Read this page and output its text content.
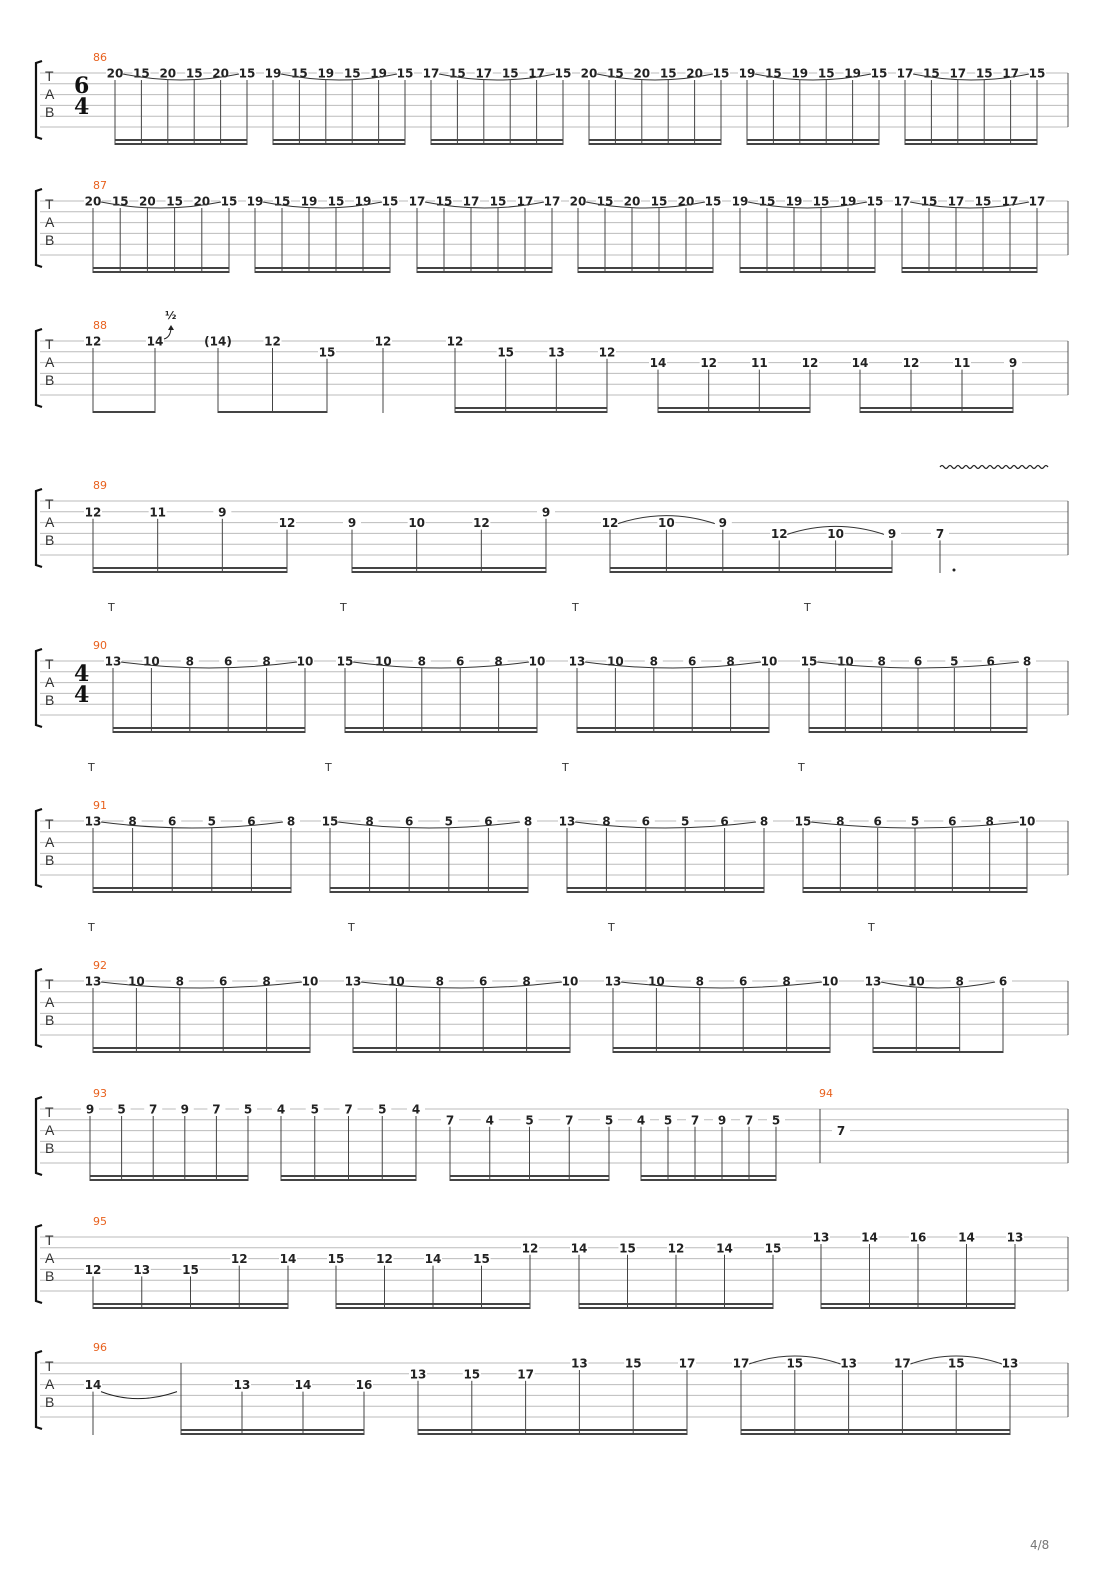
T
A
B
6
4
86
20 15 20 15 20 15 19 15 19 15 19 15 17 15 17 15 17 15 20 15 20 15 20 15 19 15 19 15 19 15 17 15 17 15 17 15
T
A
B
87
20 15 20 15 20 15 19 15 19 15 19 15 17 15 17 15 17 17 20 15 20 15 20 15 19 15 19 15 19 15 17 15 17 15 17 17
T
A
B
88
12	14
½
(14)	12
15
12	12
15	13	12
14	12	11	12	14	12	11	9
T
A
B
89
12	11	9
12	9	10	12
9
12	10	9
12	10	9	7
T
A
B
4
4
90
13 10 8	6	8 10
T
15 10 8	6	8 10
T
13 10 8	6	8 10
T
15 10 8 6 5 6 8
T
T
A
B
91
13 8	6	5	6	8
T
15 8	6	5	6	8
T
13 8	6	5	6	8
T
15 8 6 5 6 8 10
T
T
A
B
92
13 10	8	6	8	10
T
13 10	8	6	8	10
T
13 10	8	6	8	10
T
13 10	8	6
T
T
A
B
93
9 5 7 9 7 5 4 5 7 5 4
7	4	5	7	5 4 5 7 9 7 5
7
94
T
A
B
95
12	13	15
12	14	15	12	14	15
12	14	15	12	14	15
13	14	16	14	13
T
A
B
96
14	13	14	16
13	15	17
13	15	17	17	15	13	17	15	13
4/8
